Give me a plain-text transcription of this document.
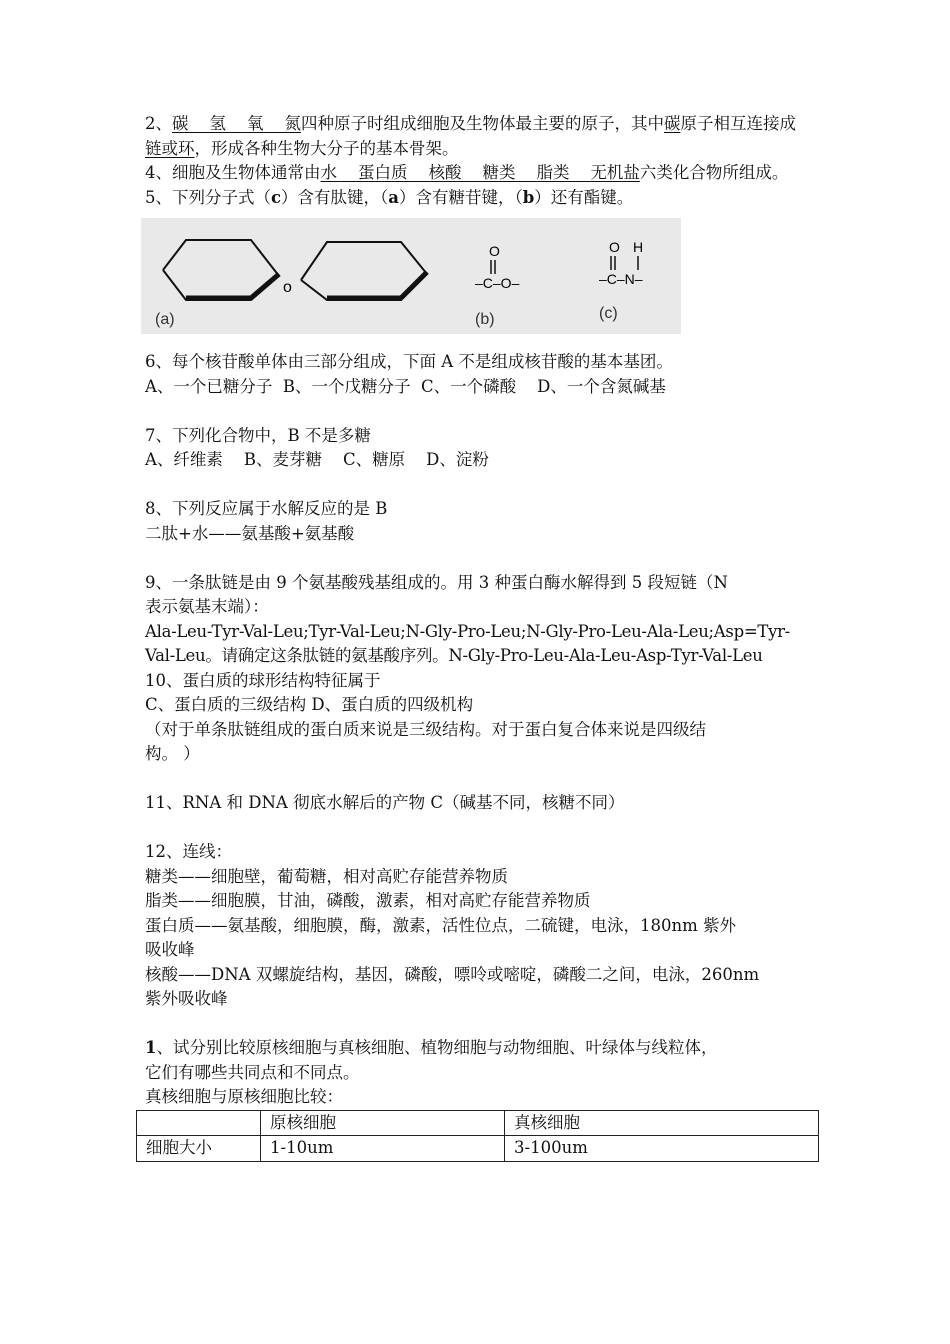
2、碳 氢 氧 氮四种原子时组成细胞及生物体最主要的原子，其中碳原子相互连接成链或环，形成各种生物大分子的基本骨架。

4、细胞及生物体通常由水 蛋白质 核酸 糖类 脂类 无机盐六类化合物所组成。

5、下列分子式（c）含有肽键，（a）含有糖苷键，（b）还有酯键。

o
(a)
O
–C–O–
(b)
O H
–C–N–
(c)

6、每个核苷酸单体由三部分组成，下面 A 不是组成核苷酸的基本基团。

A、一个已糖分子  B、一个戊糖分子  C、一个磷酸    D、一个含氮碱基

7、下列化合物中，B 不是多糖

A、纤维素    B、麦芽糖    C、糖原    D、淀粉

8、下列反应属于水解反应的是 B

二肽+水——氨基酸+氨基酸

9、一条肽链是由 9 个氨基酸残基组成的。用 3 种蛋白酶水解得到 5 段短链（N

表示氨基末端）：

Ala-Leu-Tyr-Val-Leu;Tyr-Val-Leu;N-Gly-Pro-Leu;N-Gly-Pro-Leu-Ala-Leu;Asp=Tyr-

Val-Leu。请确定这条肽链的氨基酸序列。N-Gly-Pro-Leu-Ala-Leu-Asp-Tyr-Val-Leu

10、蛋白质的球形结构特征属于

C、蛋白质的三级结构 D、蛋白质的四级机构

（对于单条肽链组成的蛋白质来说是三级结构。对于蛋白复合体来说是四级结

构。 ）

11、RNA 和 DNA 彻底水解后的产物 C（碱基不同，核糖不同）

12、连线：

糖类——细胞壁，葡萄糖，相对高贮存能营养物质

脂类——细胞膜，甘油，磷酸，激素，相对高贮存能营养物质

蛋白质——氨基酸，细胞膜，酶，激素，活性位点，二硫键，电泳，180nm 紫外

吸收峰

核酸——DNA 双螺旋结构，基因，磷酸，嘌呤或嘧啶，磷酸二之间，电泳，260nm

紫外吸收峰

1、试分别比较原核细胞与真核细胞、植物细胞与动物细胞、叶绿体与线粒体，

它们有哪些共同点和不同点。

真核细胞与原核细胞比较：

	原核细胞	真核细胞
细胞大小	1-10um	3-100um
